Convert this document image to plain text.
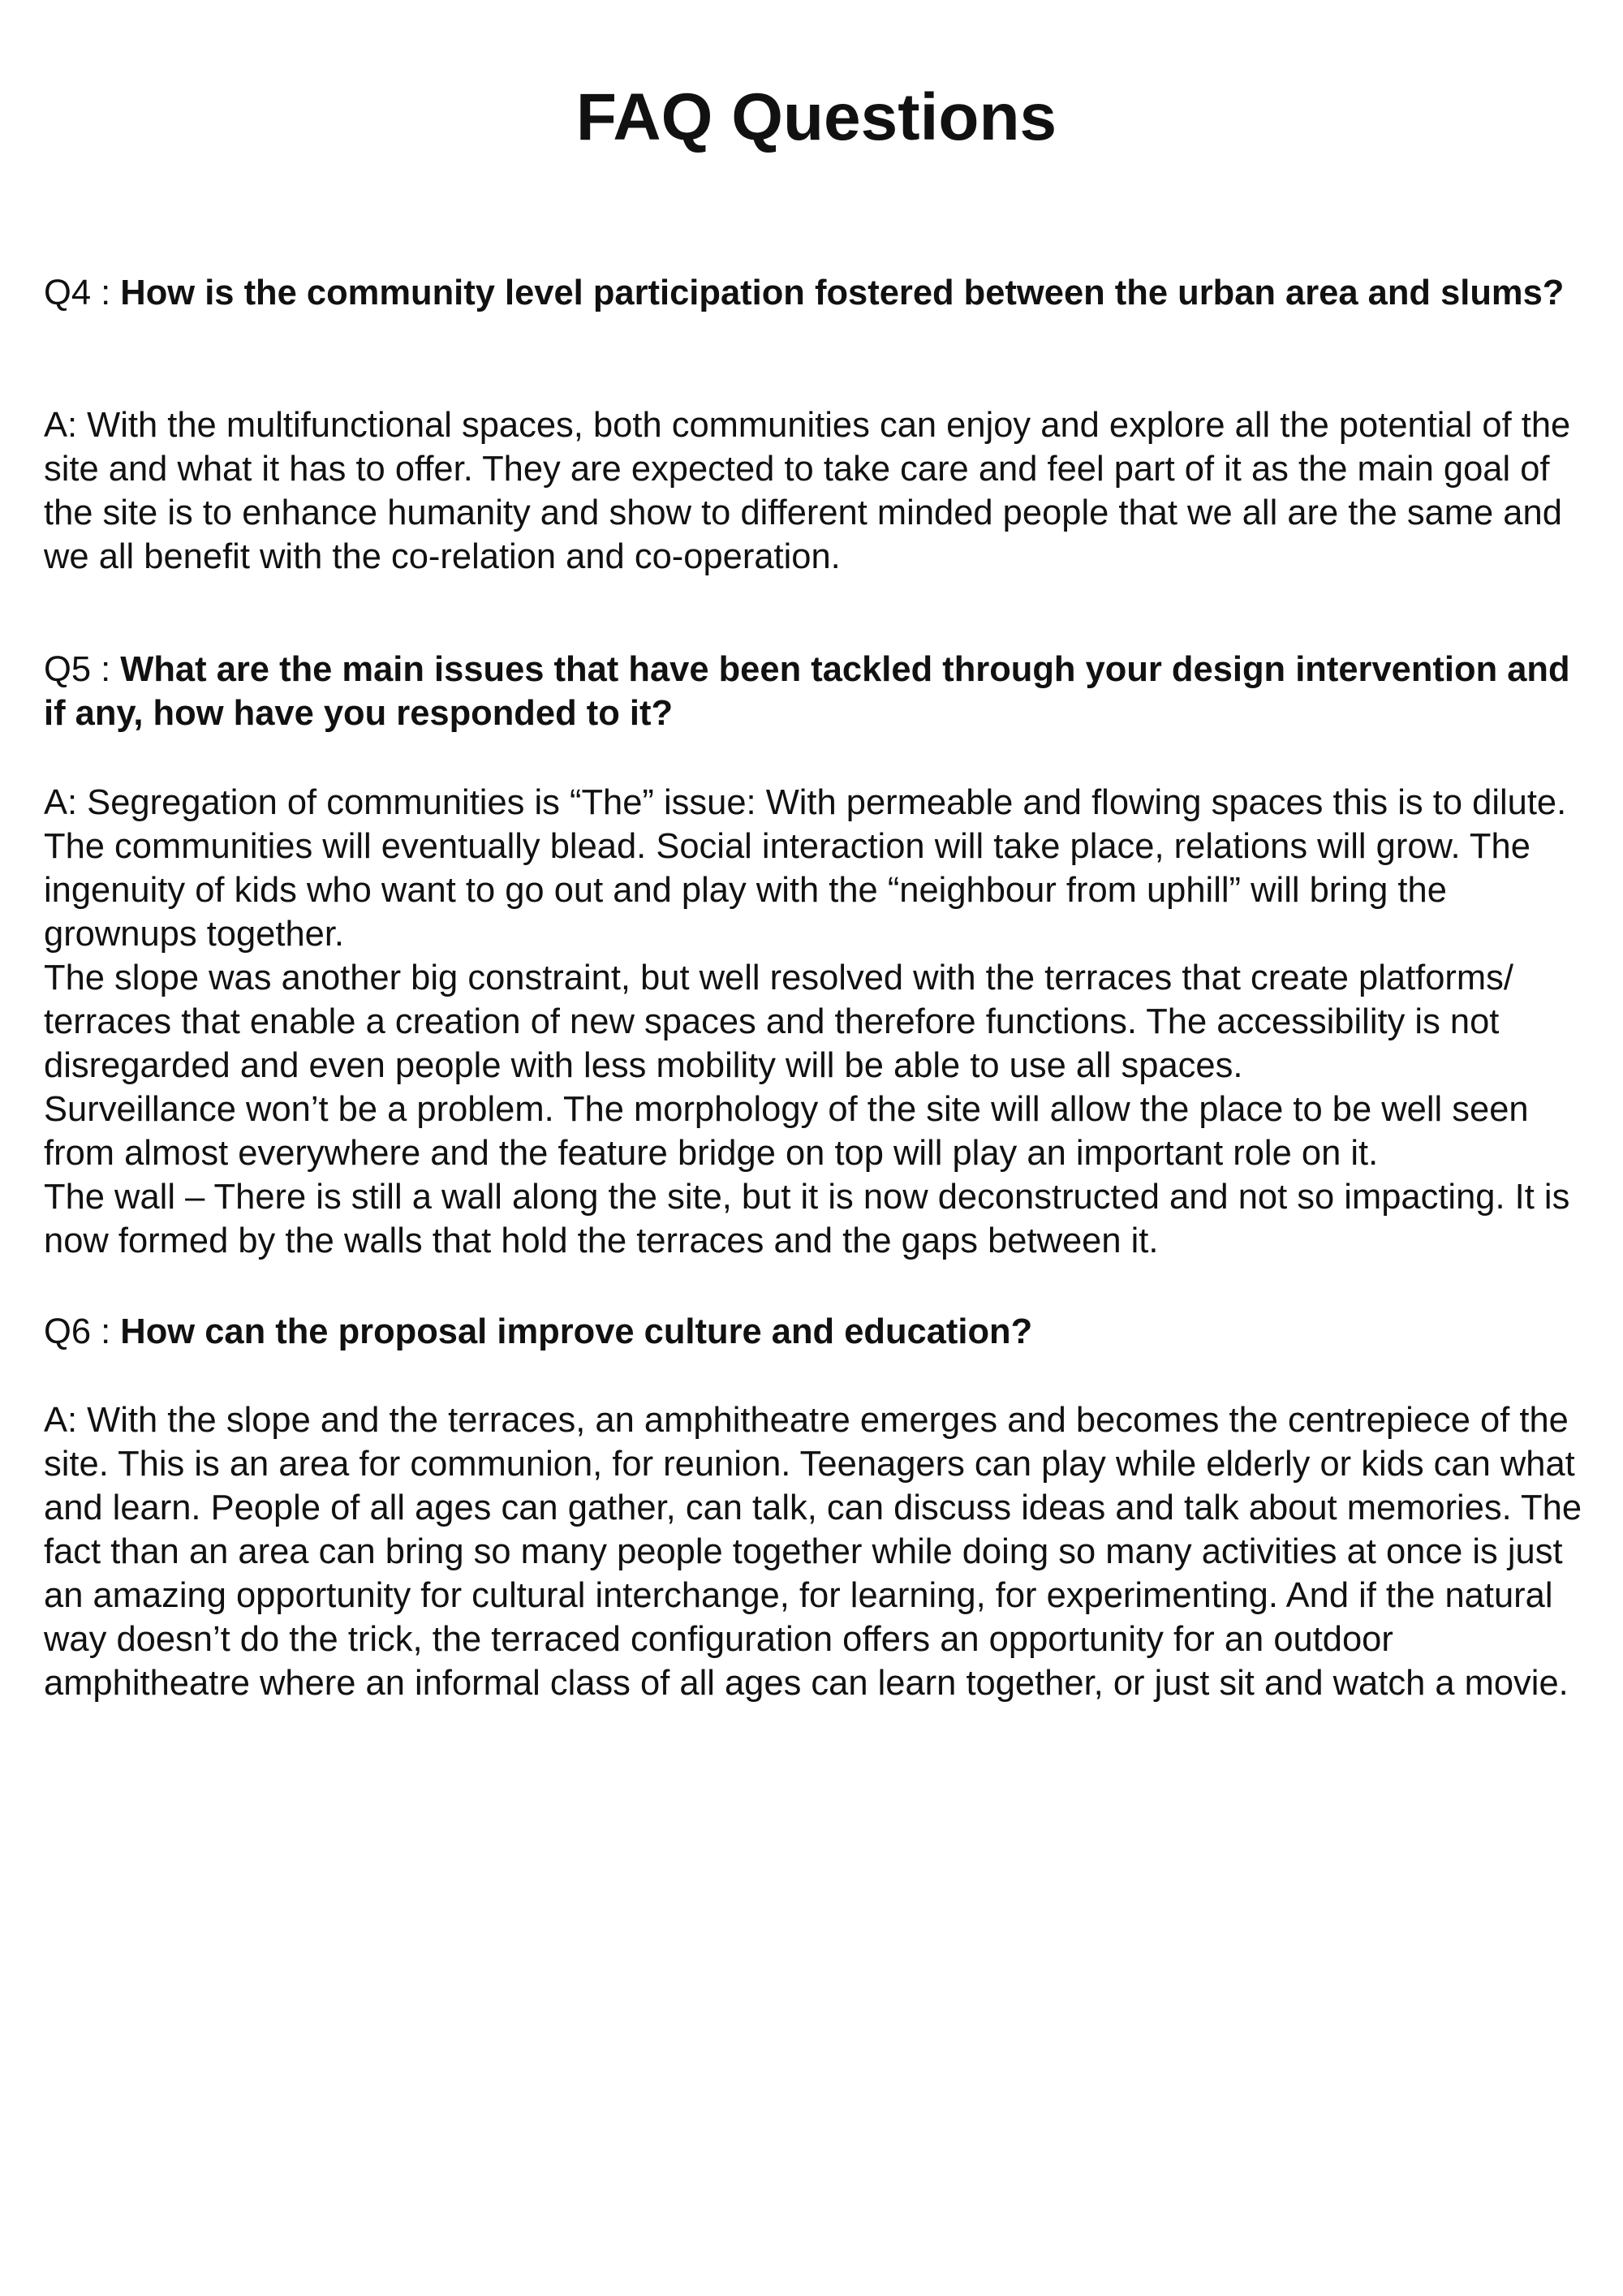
FAQ Questions

Q4 : How is the community level participation fostered between the urban area and slums?

A: With the multifunctional spaces, both communities can enjoy and explore all the potential of the site and what it has to offer. They are expected to take care and feel part of it as the main goal of the site is to enhance humanity and show to different minded people that we all are the same and we all benefit with the co-relation and co-operation.

Q5 : What are the main issues that have been tackled through your design intervention and if any, how have you responded to it?

A: Segregation of communities is “The” issue: With permeable and flowing spaces this is to dilute. The communities will eventually blead. Social interaction will take place, relations will grow. The ingenuity of kids who want to go out and play with the “neighbour from uphill” will bring the grownups together.

The slope was another big constraint, but well resolved with the terraces that create platforms/ terraces that enable a creation of new spaces and therefore functions. The accessibility is not disregarded and even people with less mobility will be able to use all spaces.

Surveillance won’t be a problem. The morphology of the site will allow the place to be well seen from almost everywhere and the feature bridge on top will play an important role on it.

The wall – There is still a wall along the site, but it is now deconstructed and not so impacting. It is now formed by the walls that hold the terraces and the gaps between it.

Q6 : How can the proposal improve culture and education?

A: With the slope and the terraces, an amphitheatre emerges and becomes the centrepiece of the site. This is an area for communion, for reunion. Teenagers can play while elderly or kids can what and learn. People of all ages can gather, can talk, can discuss ideas and talk about memories. The fact than an area can bring so many people together while doing so many activities at once is just an amazing opportunity for cultural interchange, for learning, for experimenting. And if the natural way doesn’t do the trick, the terraced configuration offers an opportunity for an outdoor amphitheatre where an informal class of all ages can learn together, or just sit and watch a movie.
